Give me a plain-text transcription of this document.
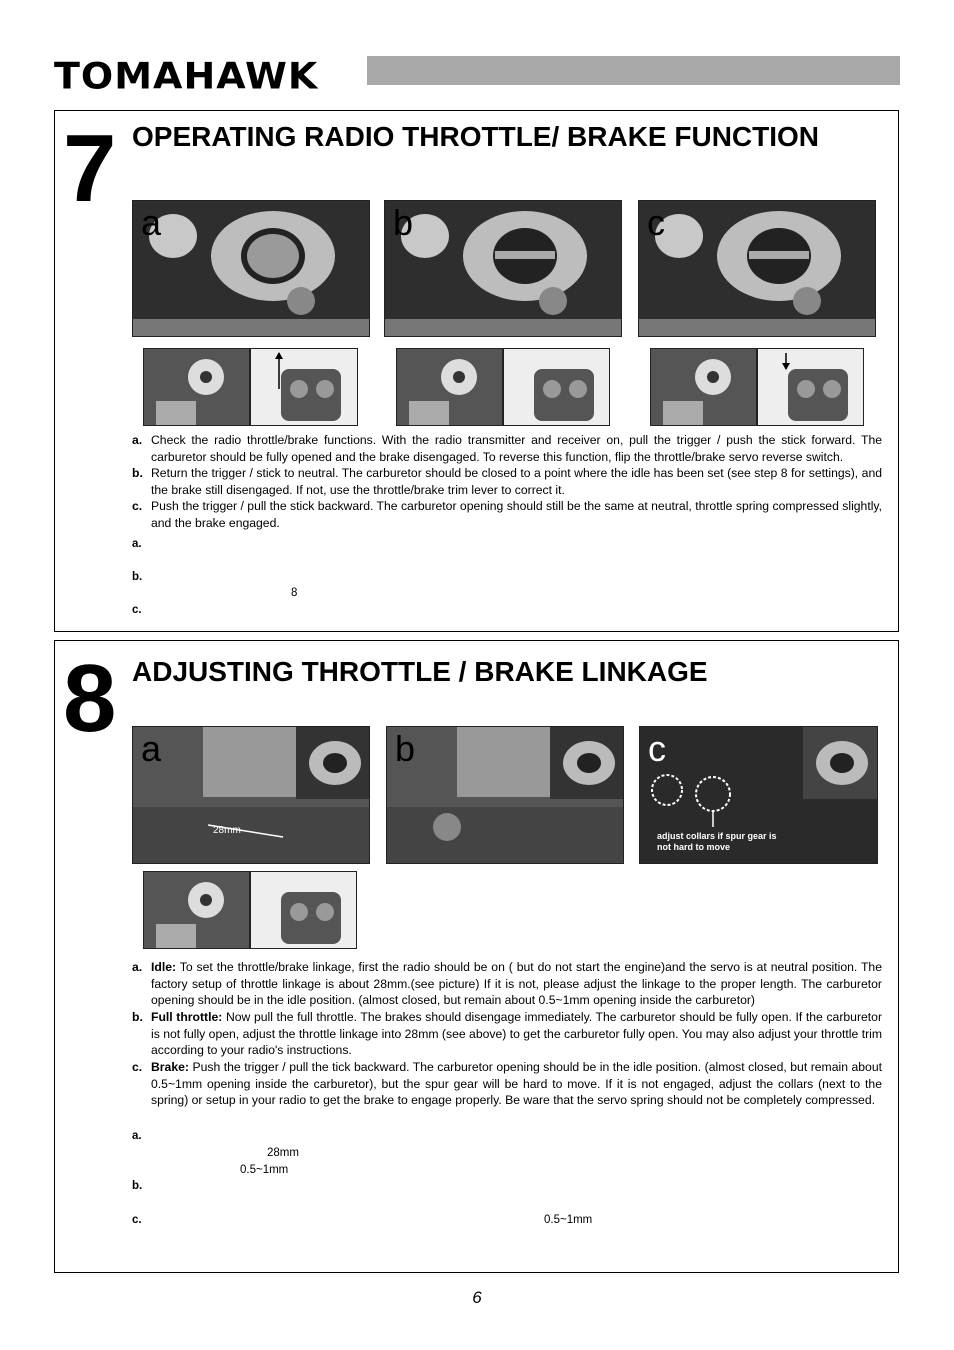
TOMAHAWK
7 OPERATING RADIO THROTTLE/ BRAKE FUNCTION
a	b	c
a. Check the radio throttle/brake functions. With the radio transmitter and receiver on, pull the trigger / push the stick forward. The carburetor should be fully opened and the brake disengaged. To reverse this function, flip the throttle/brake servo reverse switch.
b. Return the trigger / stick to neutral. The carburetor should be closed to a point where the idle has been set (see step 8 for settings), and the brake still disengaged. If not, use the throttle/brake trim lever to correct it.
c. Push the trigger / pull the stick backward. The carburetor opening should still be the same at neutral, throttle spring compressed slightly, and the brake engaged.
a.
b.
8
c.
8 ADJUSTING THROTTLE / BRAKE LINKAGE
a
28mm
b	c
adjust collars if spur gear is not hard to move
a. Idle: To set the throttle/brake linkage, first the radio should be on ( but do not start the engine)and the servo is at neutral position. The factory setup of throttle linkage is about 28mm.(see picture) If it is not, please adjust the linkage to the proper length. The carburetor opening should be in the idle position. (almost closed, but remain about 0.5~1mm opening inside the carburetor)
b. Full throttle: Now pull the full throttle. The brakes should disengage immediately. The carburetor should be fully open. If the carburetor is not fully open, adjust the throttle linkage into 28mm (see above) to get the carburetor fully open. You may also adjust your throttle trim according to your radio's instructions.
c. Brake: Push the trigger / pull the tick backward. The carburetor opening should be in the idle position. (almost closed, but remain about 0.5~1mm opening inside the carburetor), but the spur gear will be hard to move. If it is not engaged, adjust the collars (next to the spring) or setup in your radio to get the brake to engage properly. Be ware that the servo spring should not be completely compressed.
a.
28mm
0.5~1mm
b.
c.	0.5~1mm
6
